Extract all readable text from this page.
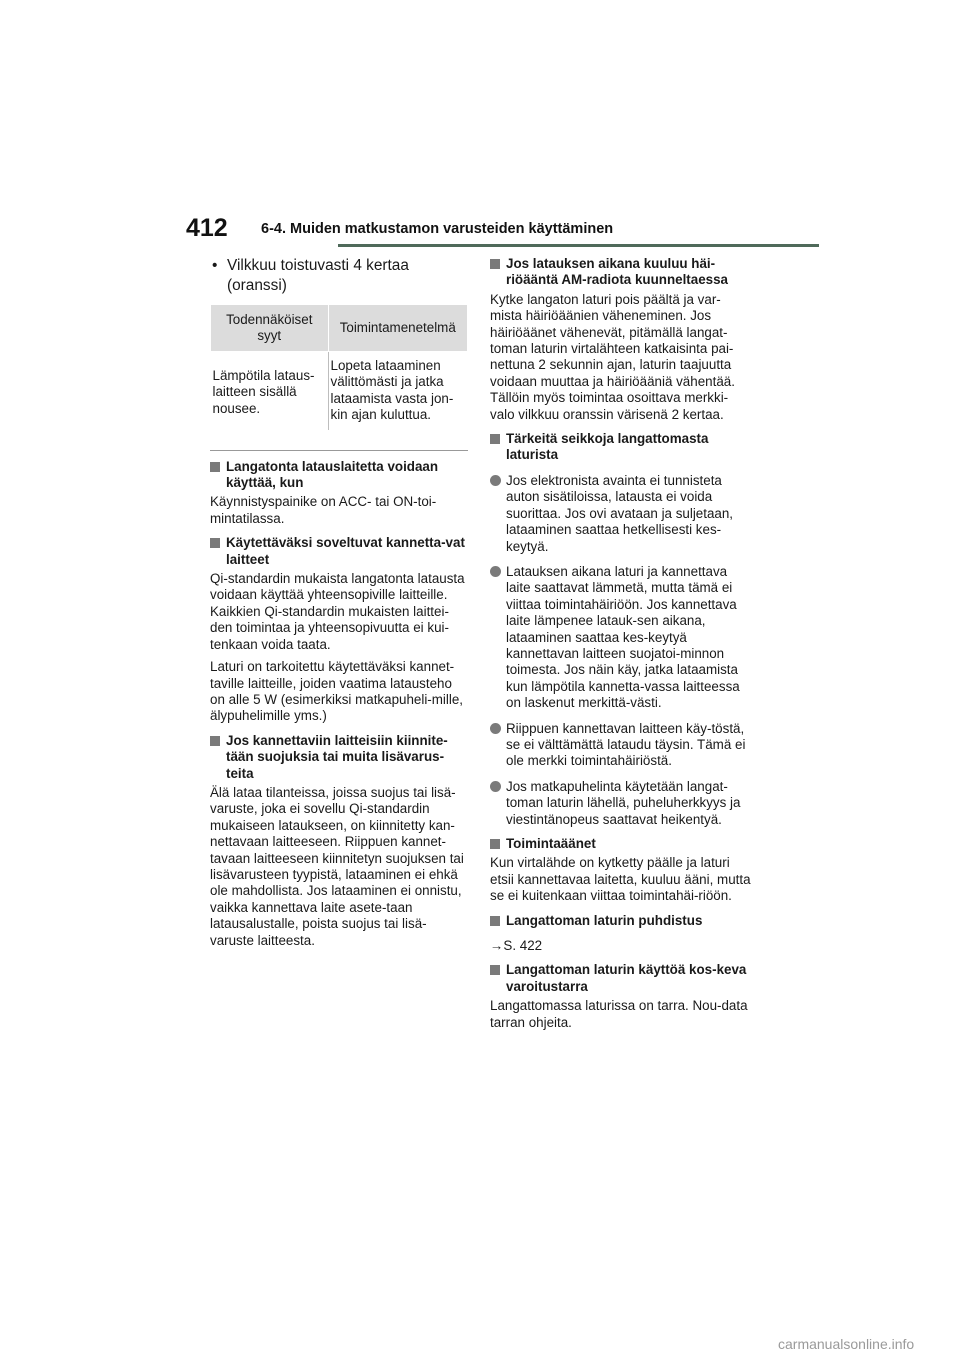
412 6-4. Muiden matkustamon varusteiden käyttäminen
• Vilkkuu toistuvasti 4 kertaa (oranssi)
Todennäköiset syyt	Toimintamenetelmä
Lämpötila lataus-laitteen sisällä nousee.	Lopeta lataaminen välittömästi ja jatka lataamista vasta jon-kin ajan kuluttua.
Langatonta latauslaitetta voidaan käyttää, kun
Käynnistyspainike on ACC- tai ON-toi-mintatilassa.
Käytettäväksi soveltuvat kannetta-vat laitteet
Qi-standardin mukaista langatonta latausta voidaan käyttää yhteensopiville laitteille. Kaikkien Qi-standardin mukaisten laittei-den toimintaa ja yhteensopivuutta ei kui-tenkaan voida taata.
Laturi on tarkoitettu käytettäväksi kannet-taville laitteille, joiden vaatima latausteho on alle 5 W (esimerkiksi matkapuheli-mille, älypuhelimille yms.)
Jos kannettaviin laitteisiin kiinnite-tään suojuksia tai muita lisävarus-teita
Älä lataa tilanteissa, joissa suojus tai lisä-varuste, joka ei sovellu Qi-standardin mukaiseen lataukseen, on kiinnitetty kan-nettavaan laitteeseen. Riippuen kannet-tavaan laitteeseen kiinnitetyn suojuksen tai lisävarusteen tyypistä, lataaminen ei ehkä ole mahdollista. Jos lataaminen ei onnistu, vaikka kannettava laite asete-taan latausalustalle, poista suojus tai lisä-varuste laitteesta.
Jos latauksen aikana kuuluu häi-riöääntä AM-radiota kuunneltaessa
Kytke langaton laturi pois päältä ja var-mista häiriöäänien väheneminen. Jos häiriöäänet vähenevät, pitämällä langat-toman laturin virtalähteen katkaisinta pai-nettuna 2 sekunnin ajan, laturin taajuutta voidaan muuttaa ja häiriöääniä vähentää. Tällöin myös toimintaa osoittava merkki-valo vilkkuu oranssin värisenä 2 kertaa.
Tärkeitä seikkoja langattomasta laturista
Jos elektronista avainta ei tunnisteta auton sisätiloissa, latausta ei voida suorittaa. Jos ovi avataan ja suljetaan, lataaminen saattaa hetkellisesti kes-keytyä.
Latauksen aikana laturi ja kannettava laite saattavat lämmetä, mutta tämä ei viittaa toimintahäiriöön. Jos kannettava laite lämpenee latauk-sen aikana, lataaminen saattaa kes-keytyä kannettavan laitteen suojatoi-minnon toimesta. Jos näin käy, jatka lataamista kun lämpötila kannetta-vassa laitteessa on laskenut merkittä-västi.
Riippuen kannettavan laitteen käy-töstä, se ei välttämättä lataudu täysin. Tämä ei ole merkki toimintahäiriöstä.
Jos matkapuhelinta käytetään langat-toman laturin lähellä, puheluherkkyys ja viestintänopeus saattavat heikentyä.
Toimintaäänet
Kun virtalähde on kytketty päälle ja laturi etsii kannettavaa laitetta, kuuluu ääni, mutta se ei kuitenkaan viittaa toimintahäi-riöön.
Langattoman laturin puhdistus
→S. 422
Langattoman laturin käyttöä kos-keva varoitustarra
Langattomassa laturissa on tarra. Nou-data tarran ohjeita.
carmanualsonline.info
